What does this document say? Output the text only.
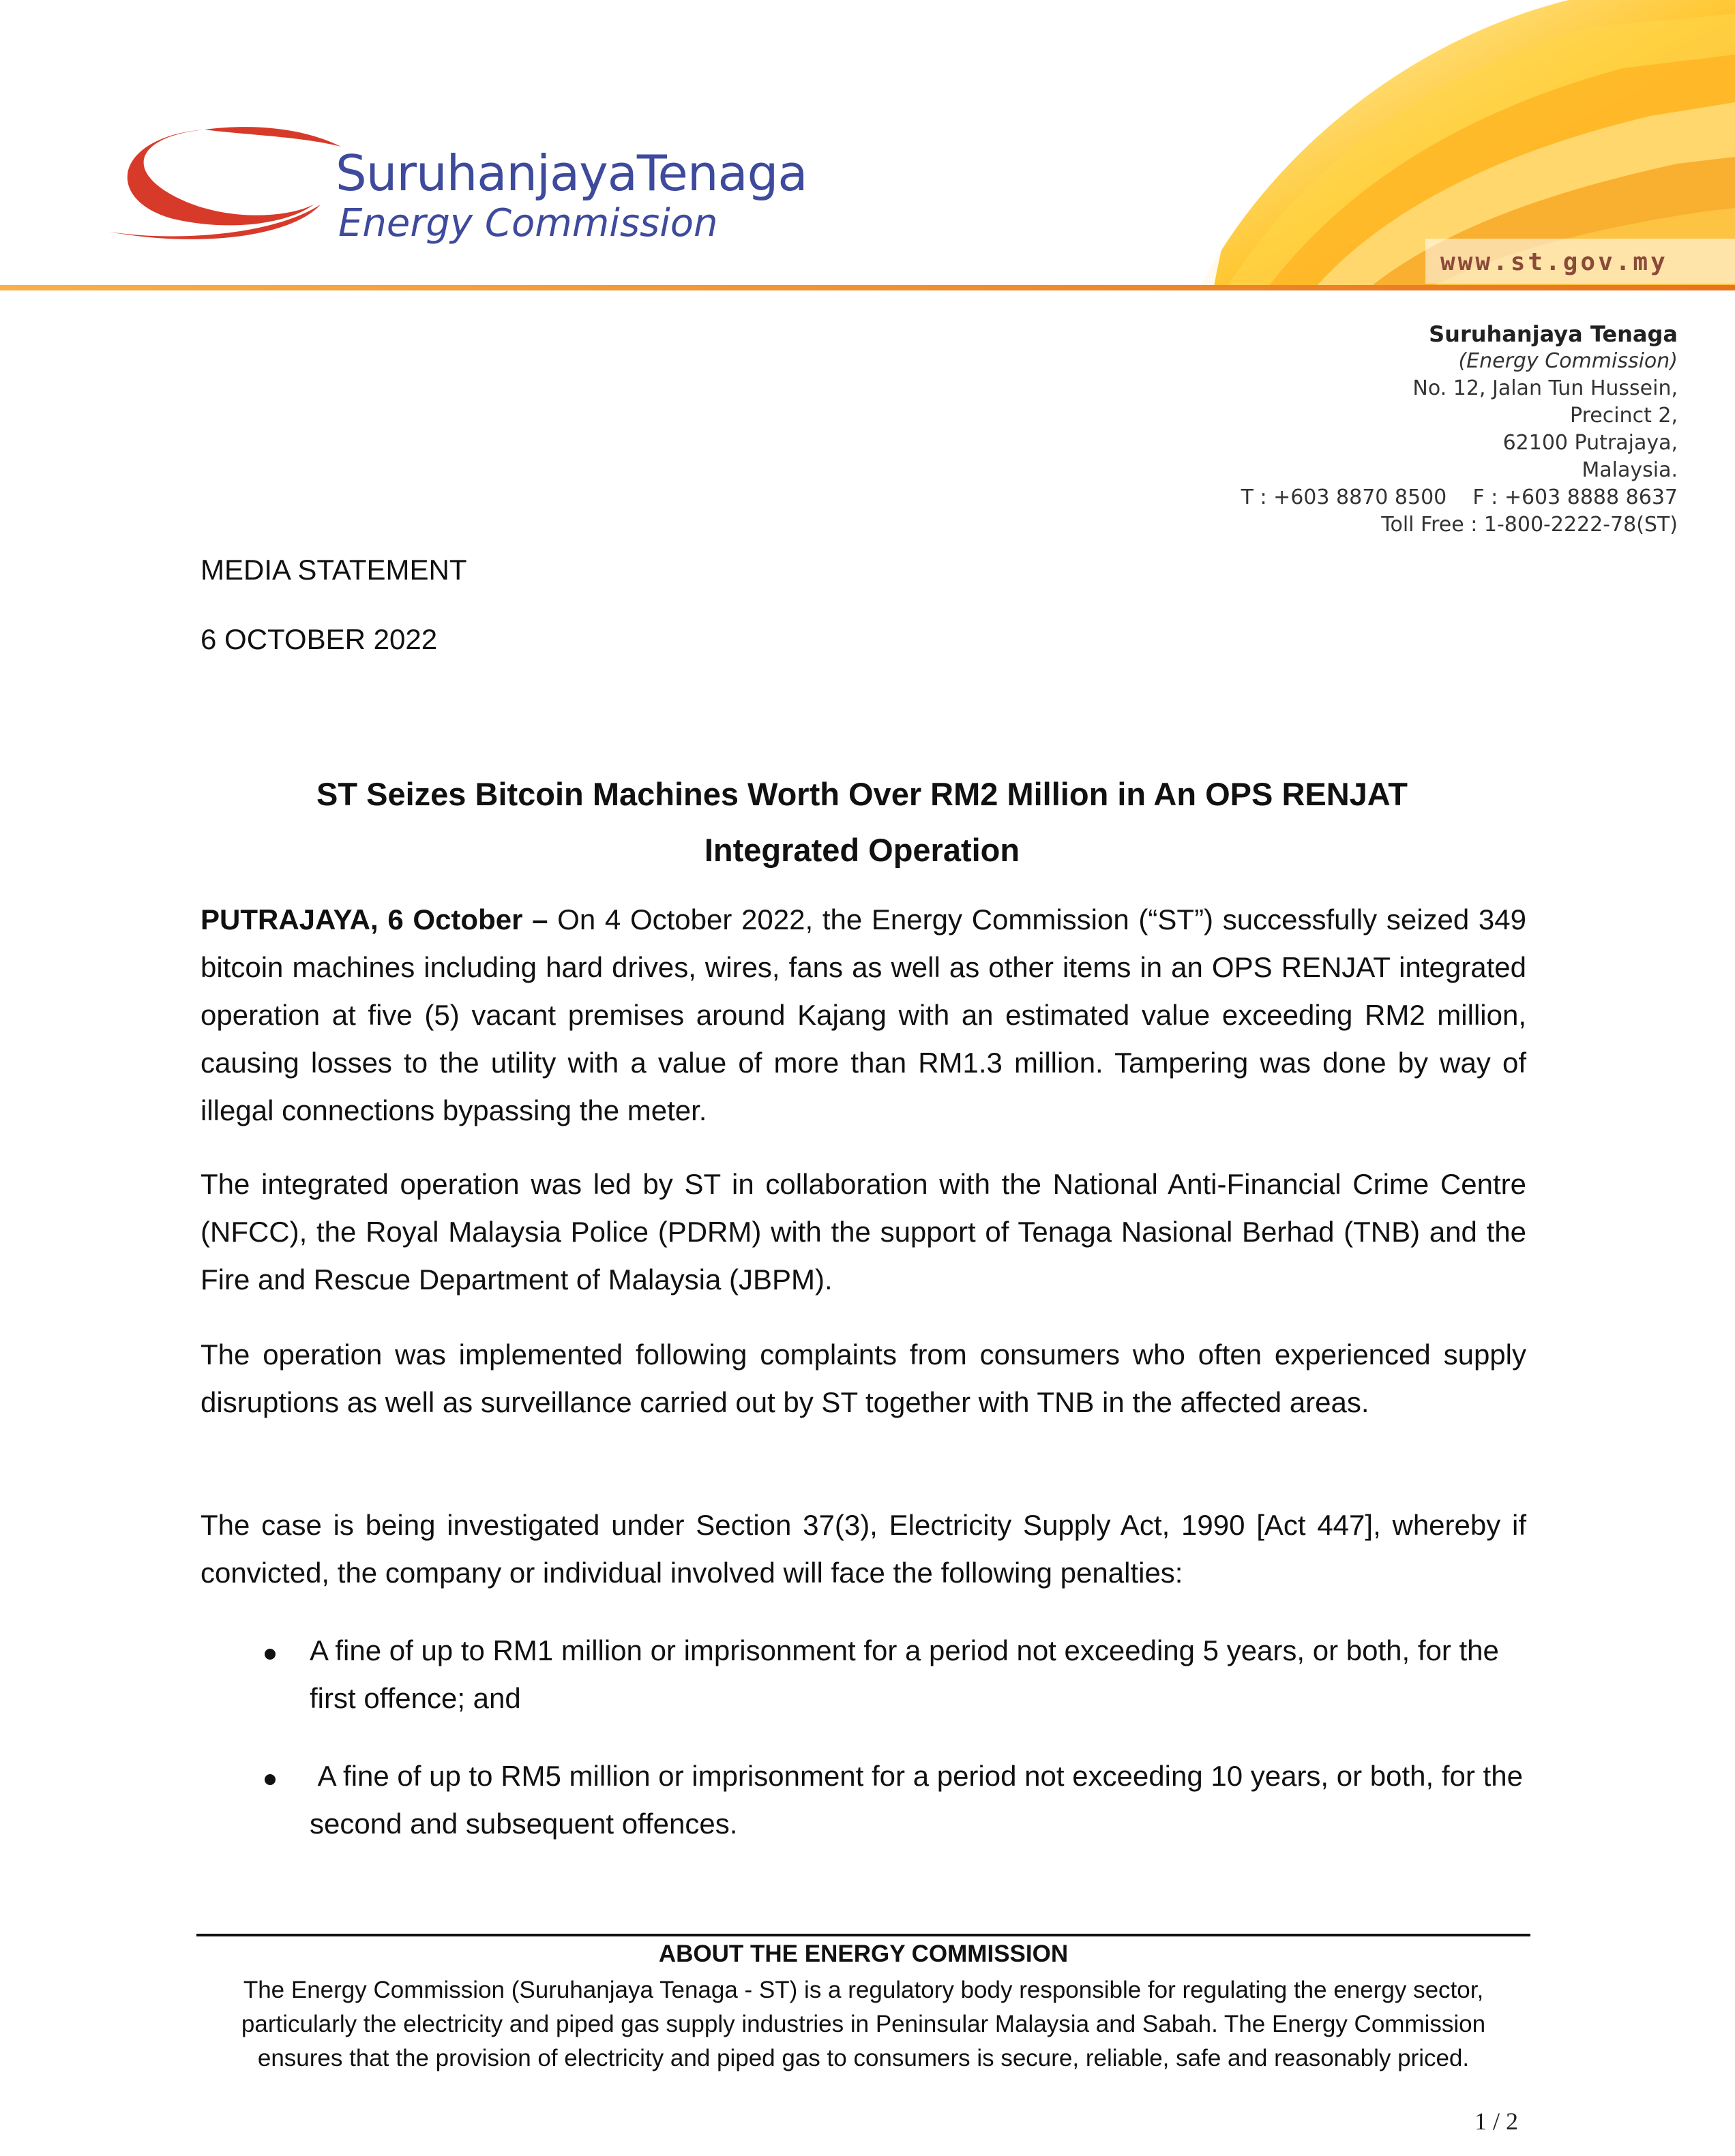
SuruhanjayaTenaga
Energy Commission
www.st.gov.my
Suruhanjaya Tenaga
(Energy Commission)
No. 12, Jalan Tun Hussein,
Precinct 2,
62100 Putrajaya,
Malaysia.
T : +603 8870 8500    F : +603 8888 8637
Toll Free : 1-800-2222-78(ST)
MEDIA STATEMENT
6 OCTOBER 2022
ST Seizes Bitcoin Machines Worth Over RM2 Million in An OPS RENJAT
Integrated Operation

PUTRAJAYA, 6 October – On 4 October 2022, the Energy Commission (“ST”) successfully seized 349 bitcoin machines including hard drives, wires, fans as well as other items in an OPS RENJAT integrated operation at five (5) vacant premises around Kajang with an estimated value exceeding RM2 million, causing losses to the utility with a value of more than RM1.3 million. Tampering was done by way of illegal connections bypassing the meter.

The integrated operation was led by ST in collaboration with the National Anti-Financial Crime Centre (NFCC), the Royal Malaysia Police (PDRM) with the support of Tenaga Nasional Berhad (TNB) and the Fire and Rescue Department of Malaysia (JBPM).

The operation was implemented following complaints from consumers who often experienced supply disruptions as well as surveillance carried out by ST together with TNB in the affected areas.

The case is being investigated under Section 37(3), Electricity Supply Act, 1990 [Act 447], whereby if convicted, the company or individual involved will face the following penalties:

A fine of up to RM1 million or imprisonment for a period not exceeding 5 years, or both, for the first offence; and

A fine of up to RM5 million or imprisonment for a period not exceeding 10 years, or both, for the second and subsequent offences.

ABOUT THE ENERGY COMMISSION
The Energy Commission (Suruhanjaya Tenaga - ST) is a regulatory body responsible for regulating the energy sector, particularly the electricity and piped gas supply industries in Peninsular Malaysia and Sabah. The Energy Commission ensures that the provision of electricity and piped gas to consumers is secure, reliable, safe and reasonably priced.
1 / 2
